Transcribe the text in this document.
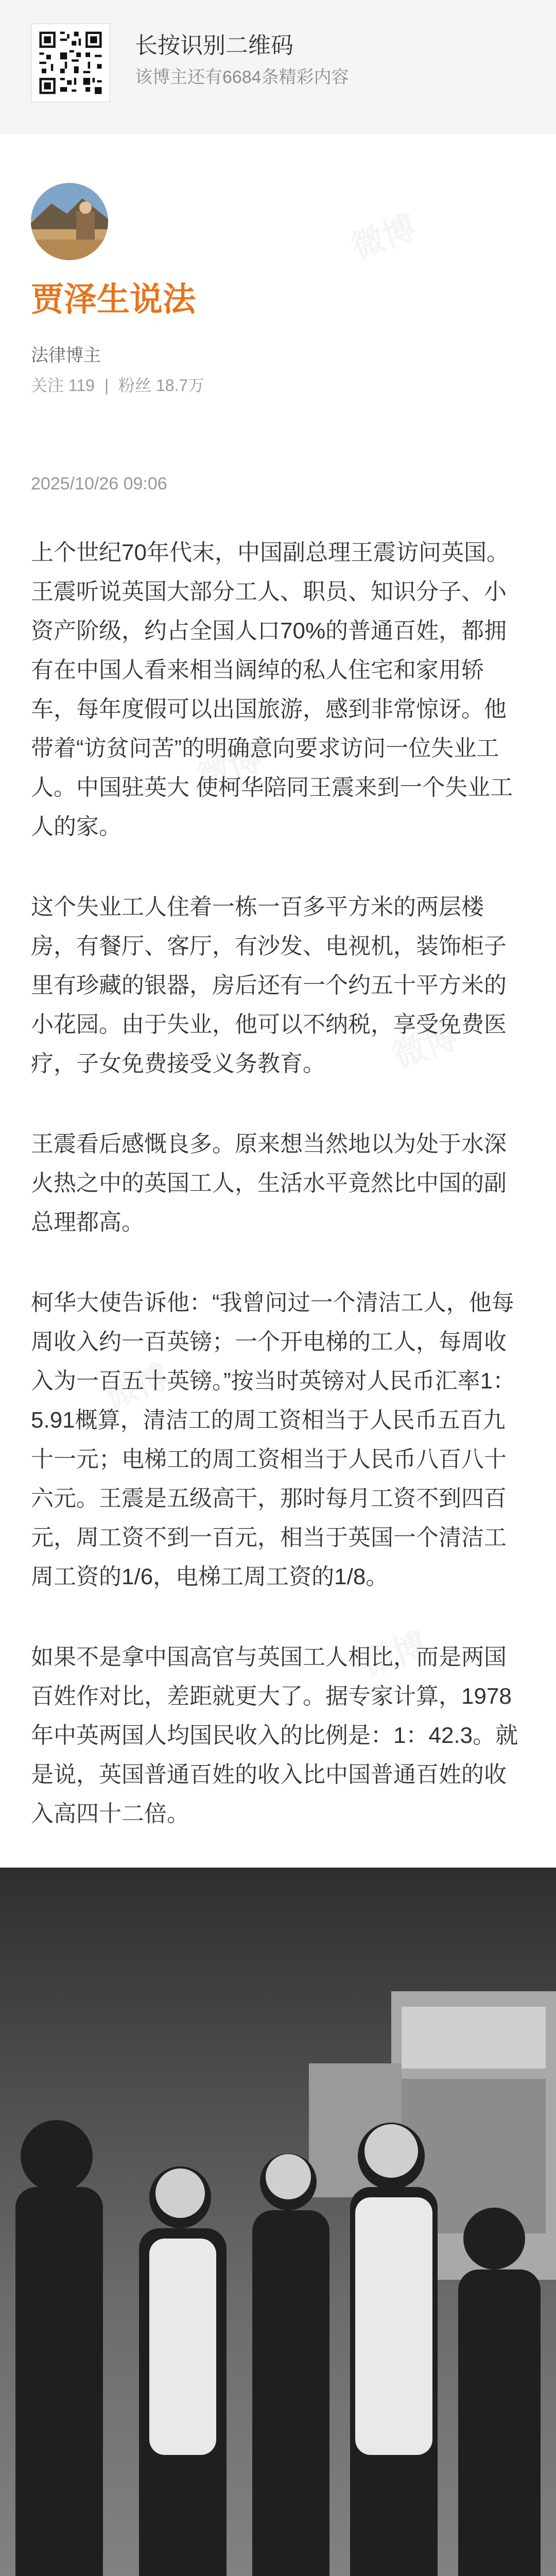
长按识别二维码
该博主还有6684条精彩内容
贾泽生说法
法律博主
关注 119 | 粉丝 18.7万
2025/10/26 09:06

上个世纪70年代末，中国副总理王震访问英国。王震听说英国大部分工人、职员、知识分子、小资产阶级，约占全国人口70%的普通百姓，都拥有在中国人看来相当阔绰的私人住宅和家用轿车，每年度假可以出国旅游，感到非常惊讶。他带着“访贫问苦”的明确意向要求访问一位失业工人。中国驻英大 使柯华陪同王震来到一个失业工人的家。

这个失业工人住着一栋一百多平方米的两层楼房，有餐厅、客厅，有沙发、电视机，装饰柜子里有珍藏的银器，房后还有一个约五十平方米的小花园。由于失业，他可以不纳税，享受免费医疗，子女免费接受义务教育。

王震看后感慨良多。原来想当然地以为处于水深火热之中的英国工人，生活水平竟然比中国的副总理都高。

柯华大使告诉他：“我曾问过一个清洁工人，他每周收入约一百英镑；一个开电梯的工人，每周收入为一百五十英镑。”按当时英镑对人民币汇率1：5.91概算，清洁工的周工资相当于人民币五百九十一元；电梯工的周工资相当于人民币八百八十六元。王震是五级高干，那时每月工资不到四百元，周工资不到一百元，相当于英国一个清洁工周工资的1/6，电梯工周工资的1/8。

如果不是拿中国高官与英国工人相比，而是两国百姓作对比，差距就更大了。据专家计算，1978年中英两国人均国民收入的比例是：1：42.3。就是说，英国普通百姓的收入比中国普通百姓的收入高四十二倍。
